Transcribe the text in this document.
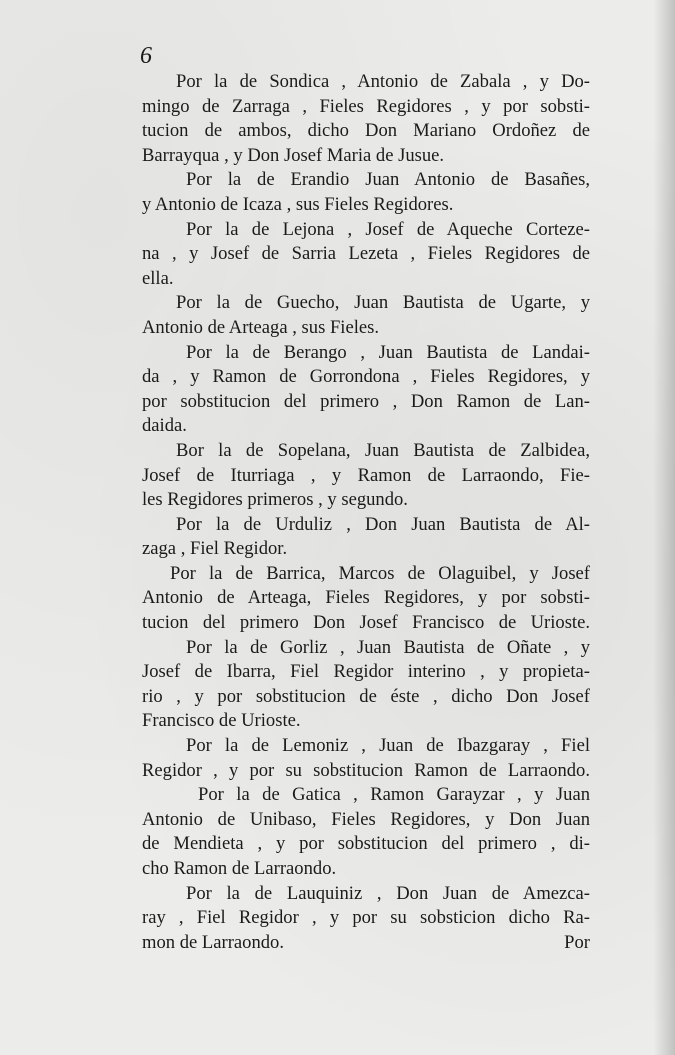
6
Por la de Sondica , Antonio de Zabala , y Do-
mingo de Zarraga , Fieles Regidores , y por sobsti-
tucion de ambos, dicho Don Mariano Ordoñez de
Barrayqua , y Don Josef Maria de Jusue.
Por la de Erandio Juan Antonio de Basañes,
y Antonio de Icaza , sus Fieles Regidores.
Por la de Lejona , Josef de Aqueche Corteze-
na , y Josef de Sarria Lezeta , Fieles Regidores de
ella.
Por la de Guecho, Juan Bautista de Ugarte, y
Antonio de Arteaga , sus Fieles.
Por la de Berango , Juan Bautista de Landai-
da , y Ramon de Gorrondona , Fieles Regidores, y
por sobstitucion del primero , Don Ramon de Lan-
daida.
Bor la de Sopelana, Juan Bautista de Zalbidea,
Josef de Iturriaga , y Ramon de Larraondo, Fie-
les Regidores primeros , y segundo.
Por la de Urduliz , Don Juan Bautista de Al-
zaga , Fiel Regidor.
Por la de Barrica, Marcos de Olaguibel, y Josef
Antonio de Arteaga, Fieles Regidores, y por sobsti-
tucion del primero Don Josef Francisco de Urioste.
Por la de Gorliz , Juan Bautista de Oñate , y
Josef de Ibarra, Fiel Regidor interino , y propieta-
rio , y por sobstitucion de éste , dicho Don Josef
Francisco de Urioste.
Por la de Lemoniz , Juan de Ibazgaray , Fiel
Regidor , y por su sobstitucion Ramon de Larraondo.
Por la de Gatica , Ramon Garayzar , y Juan
Antonio de Unibaso, Fieles Regidores, y Don Juan
de Mendieta , y por sobstitucion del primero , di-
cho Ramon de Larraondo.
Por la de Lauquiniz , Don Juan de Amezca-
ray , Fiel Regidor , y por su sobsticion dicho Ra-
mon de Larraondo.	Por
